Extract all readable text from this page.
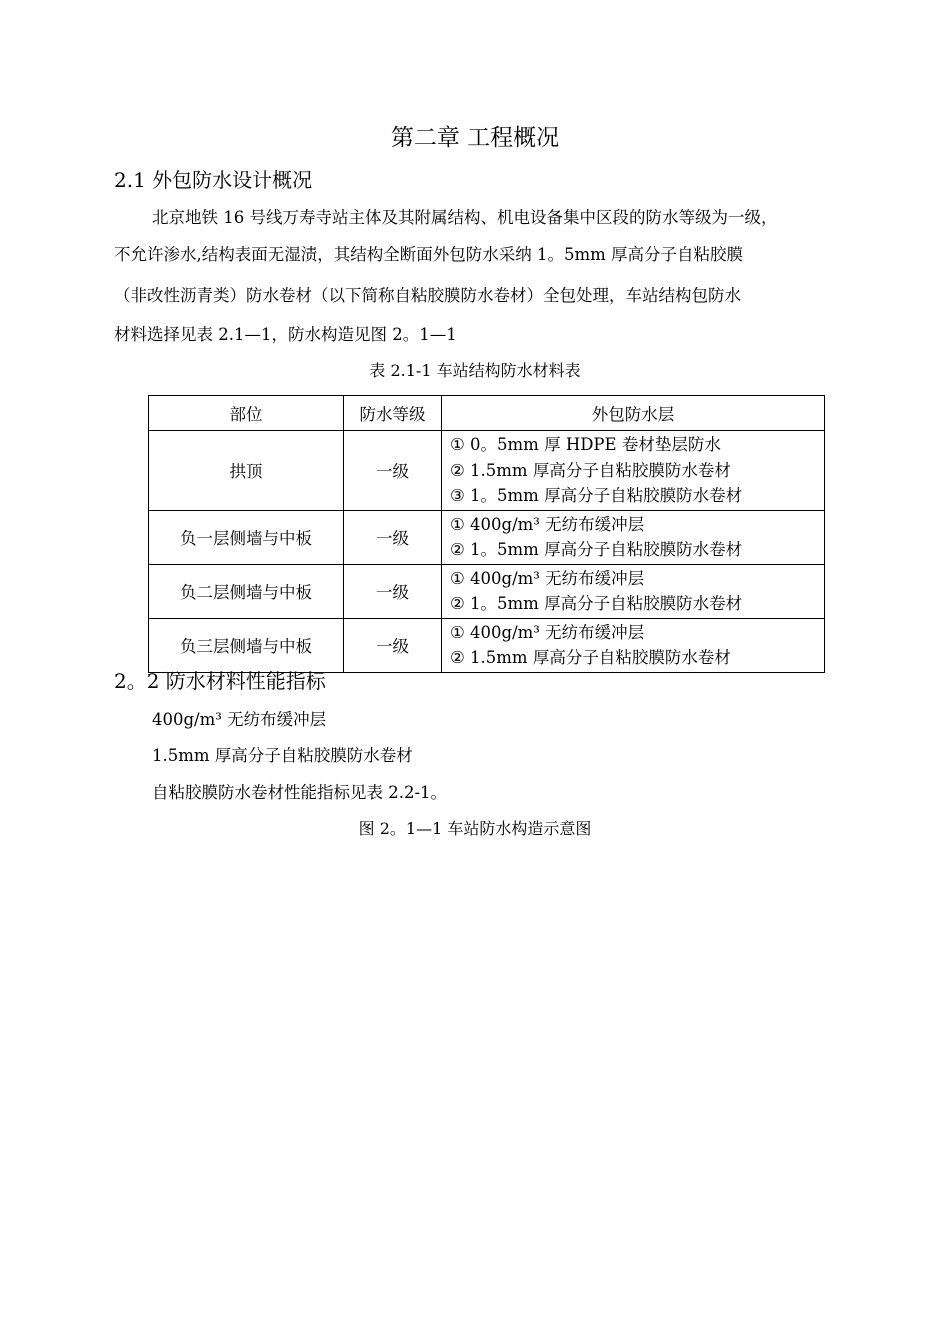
第二章 工程概况
2.1 外包防水设计概况
北京地铁 16 号线万寿寺站主体及其附属结构、机电设备集中区段的防水等级为一级，
不允许渗水,结构表面无湿渍，其结构全断面外包防水采纳 1。5mm 厚高分子自粘胶膜
（非改性沥青类）防水卷材（以下简称自粘胶膜防水卷材）全包处理，车站结构包防水
材料选择见表 2.1—1，防水构造见图 2。1—1
表 2.1-1 车站结构防水材料表
部位	防水等级	外包防水层
拱顶	一级	① 0。5mm 厚 HDPE 卷材垫层防水
② 1.5mm 厚高分子自粘胶膜防水卷材
③ 1。5mm 厚高分子自粘胶膜防水卷材

负一层侧墙与中板	一级	① 400g/m³ 无纺布缓冲层
② 1。5mm 厚高分子自粘胶膜防水卷材

负二层侧墙与中板	一级	① 400g/m³ 无纺布缓冲层
② 1。5mm 厚高分子自粘胶膜防水卷材

负三层侧墙与中板	一级	① 400g/m³ 无纺布缓冲层
② 1.5mm 厚高分子自粘胶膜防水卷材
2。2 防水材料性能指标
400g/m³ 无纺布缓冲层
1.5mm 厚高分子自粘胶膜防水卷材
自粘胶膜防水卷材性能指标见表 2.2-1。
图 2。1—1 车站防水构造示意图
